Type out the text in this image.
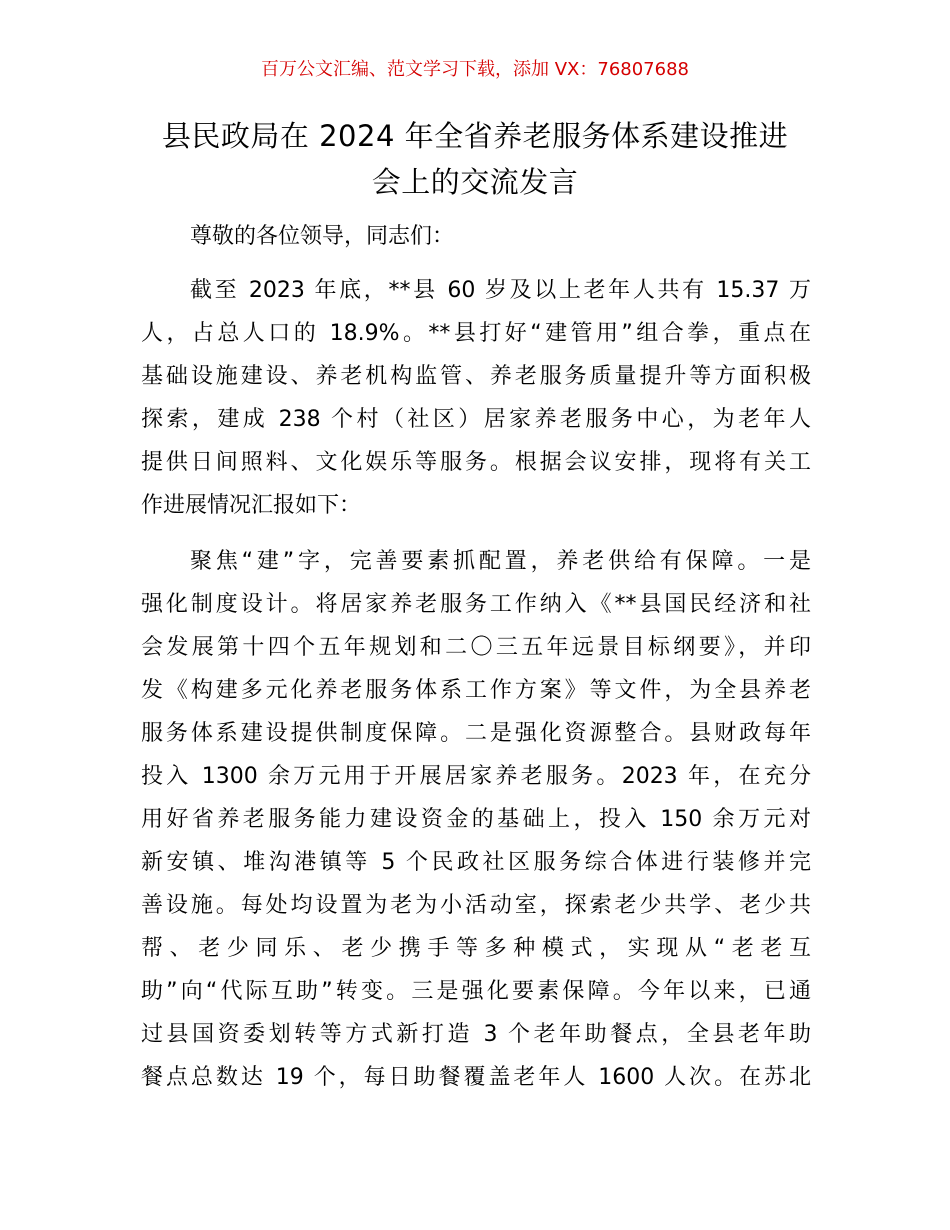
百万公文汇编、范文学习下载，添加 VX：76807688
县民政局在 2024 年全省养老服务体系建设推进
会上的交流发言
尊敬的各位领导，同志们：
截至 2023 年底，**县 60 岁及以上老年人共有 15.37 万
人，占总人口的 18.9%。**县打好“建管用”组合拳，重点在
基础设施建设、养老机构监管、养老服务质量提升等方面积极
探索，建成 238 个村（社区）居家养老服务中心，为老年人
提供日间照料、文化娱乐等服务。根据会议安排，现将有关工
作进展情况汇报如下：
聚焦“建”字，完善要素抓配置，养老供给有保障。一是
强化制度设计。将居家养老服务工作纳入《**县国民经济和社
会发展第十四个五年规划和二〇三五年远景目标纲要》，并印
发《构建多元化养老服务体系工作方案》等文件，为全县养老
服务体系建设提供制度保障。二是强化资源整合。县财政每年
投入 1300 余万元用于开展居家养老服务。2023 年，在充分
用好省养老服务能力建设资金的基础上，投入 150 余万元对
新安镇、堆沟港镇等 5 个民政社区服务综合体进行装修并完
善设施。每处均设置为老为小活动室，探索老少共学、老少共
帮、老少同乐、老少携手等多种模式，实现从“老老互
助”向“代际互助”转变。三是强化要素保障。今年以来，已通
过县国资委划转等方式新打造 3 个老年助餐点，全县老年助
餐点总数达 19 个，每日助餐覆盖老年人 1600 人次。在苏北
